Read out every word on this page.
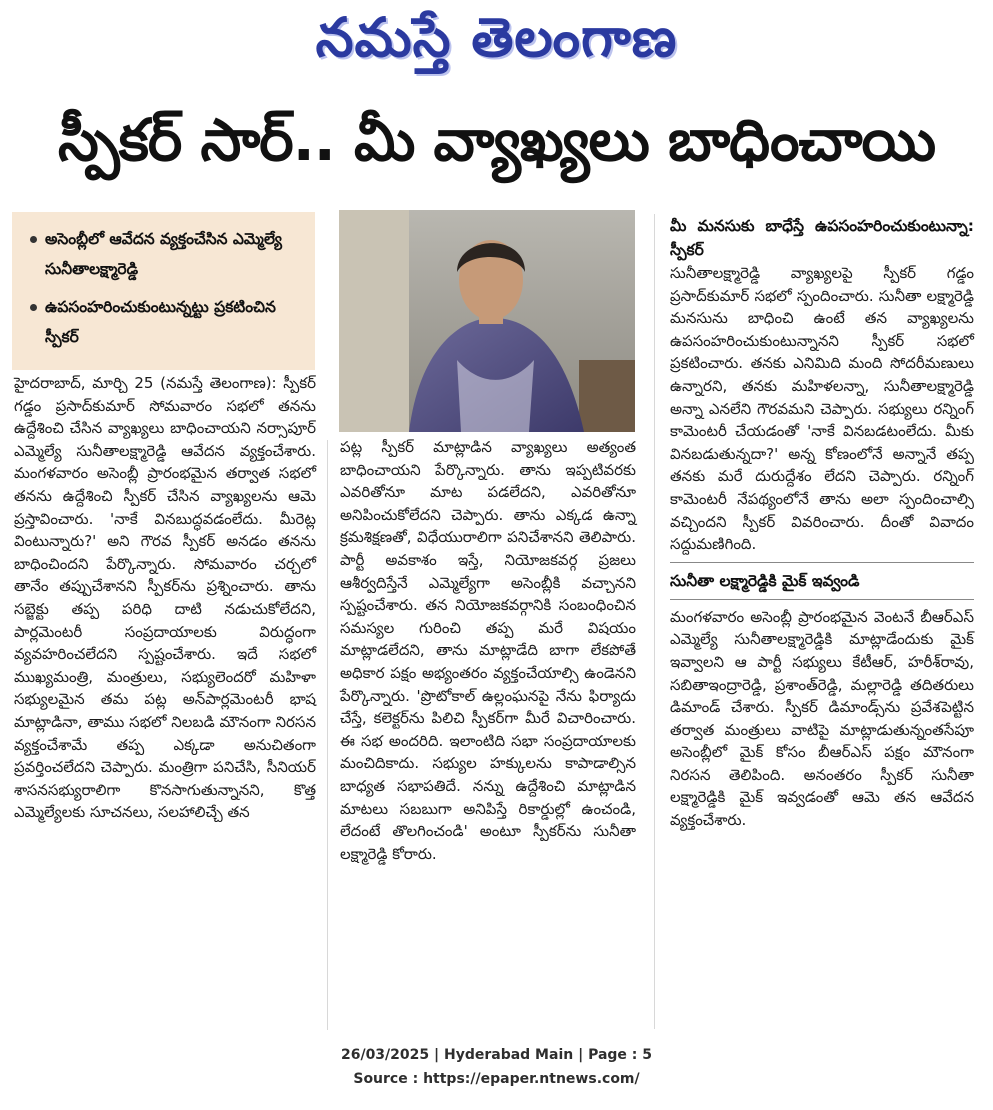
నమస్తే తెలంగాణ
స్పీకర్ సార్.. మీ వ్యాఖ్యలు బాధించాయి
అసెంబ్లీలో ఆవేదన వ్యక్తంచేసిన ఎమ్మెల్యే సునీతాలక్ష్మారెడ్డి
ఉపసంహరించుకుంటున్నట్టు ప్రకటించిన స్పీకర్

హైదరాబాద్, మార్చి 25 (నమస్తే తెలంగాణ): స్పీకర్ గడ్డం ప్రసాద్‌కుమార్ సోమవారం సభలో తనను ఉద్దేశించి చేసిన వ్యాఖ్యలు బాధించాయని నర్సాపూర్ ఎమ్మెల్యే సునీతాలక్ష్మారెడ్డి ఆవేదన వ్యక్తంచేశారు. మంగళవారం అసెంబ్లీ ప్రారంభమైన తర్వాత సభలో తనను ఉద్దేశించి స్పీకర్ చేసిన వ్యాఖ్యలను ఆమె ప్రస్తావించారు. 'నాకే వినబుద్ధవడంలేదు. మీరెట్ల వింటున్నారు?' అని గౌరవ స్పీకర్ అనడం తనను బాధించిందని పేర్కొన్నారు. సోమవారం చర్చలో తానేం తప్పుచేశానని స్పీకర్‌ను ప్రశ్నించారు. తాను సబ్జెక్టు తప్ప పరిధి దాటి నడుచుకోలేదని, పార్లమెంటరీ సంప్రదాయాలకు విరుద్ధంగా వ్యవహరించలేదని స్పష్టంచేశారు. ఇదే సభలో ముఖ్యమంత్రి, మంత్రులు, సభ్యులెందరో మహిళా సభ్యులమైన తమ పట్ల అన్‌పార్లమెంటరీ భాష మాట్లాడినా, తాము సభలో నిలబడి మౌనంగా నిరసన వ్యక్తంచేశామే తప్ప ఎక్కడా అనుచితంగా ప్రవర్తించలేదని చెప్పారు. మంత్రిగా పనిచేసి, సీనియర్ శాసనసభ్యురాలిగా కొనసాగుతున్నానని, కొత్త ఎమ్మెల్యేలకు సూచనలు, సలహాలిచ్చే తన

పట్ల స్పీకర్ మాట్లాడిన వ్యాఖ్యలు అత్యంత బాధించాయని పేర్కొన్నారు. తాను ఇప్పటివరకు ఎవరితోనూ మాట పడలేదని, ఎవరితోనూ అనిపించుకోలేదని చెప్పారు. తాను ఎక్కడ ఉన్నా క్రమశిక్షణతో, విధేయురాలిగా పనిచేశానని తెలిపారు. పార్టీ అవకాశం ఇస్తే, నియోజకవర్గ ప్రజలు ఆశీర్వదిస్తేనే ఎమ్మెల్యేగా అసెంబ్లీకి వచ్చానని స్పష్టంచేశారు. తన నియోజకవర్గానికి సంబంధించిన సమస్యల గురించి తప్ప మరే విషయం మాట్లాడలేదని, తాను మాట్లాడేది బాగా లేకపోతే అధికార పక్షం అభ్యంతరం వ్యక్తంచేయాల్సి ఉండెనని పేర్కొన్నారు. 'ప్రొటోకాల్ ఉల్లంఘనపై నేను ఫిర్యాదు చేస్తే, కలెక్టర్‌ను పిలిచి స్పీకర్‌గా మీరే విచారించారు. ఈ సభ అందరిది. ఇలాంటిది సభా సంప్రదాయాలకు మంచిదికాదు. సభ్యుల హక్కులను కాపాడాల్సిన బాధ్యత సభాపతిదే. నన్ను ఉద్దేశించి మాట్లాడిన మాటలు సబబుగా అనిపిస్తే రికార్డుల్లో ఉంచండి, లేదంటే తొలగించండి' అంటూ స్పీకర్‌ను సునీతా లక్ష్మారెడ్డి కోరారు.

మీ మనసుకు బాధేస్తే ఉపసంహరించుకుంటున్నా: స్పీకర్

సునీతాలక్ష్మారెడ్డి వ్యాఖ్యలపై స్పీకర్ గడ్డం ప్రసాద్‌కుమార్ సభలో స్పందించారు. సునీతా లక్ష్మారెడ్డి మనసును బాధించి ఉంటే తన వ్యాఖ్యలను ఉపసంహరించుకుంటున్నానని స్పీకర్ సభలో ప్రకటించారు. తనకు ఎనిమిది మంది సోదరీమణులు ఉన్నారని, తనకు మహిళలన్నా, సునీతాలక్ష్మారెడ్డి అన్నా ఎనలేని గౌరవమని చెప్పారు. సభ్యులు రన్నింగ్ కామెంటరీ చేయడంతో 'నాకే వినబడటంలేదు. మీకు వినబడుతున్నదా?' అన్న కోణంలోనే అన్నానే తప్ప తనకు మరే దురుద్దేశం లేదని చెప్పారు. రన్నింగ్ కామెంటరీ నేపథ్యంలోనే తాను అలా స్పందించాల్సి వచ్చిందని స్పీకర్ వివరించారు. దీంతో వివాదం సద్దుమణిగింది.

సునీతా లక్ష్మారెడ్డికి మైక్ ఇవ్వండి

మంగళవారం అసెంబ్లీ ప్రారంభమైన వెంటనే బీఆర్‌ఎస్ ఎమ్మెల్యే సునీతాలక్ష్మారెడ్డికి మాట్లాడేందుకు మైక్ ఇవ్వాలని ఆ పార్టీ సభ్యులు కేటీఆర్, హరీశ్‌రావు, సబితాఇంద్రారెడ్డి, ప్రశాంత్‌రెడ్డి, మల్లారెడ్డి తదితరులు డిమాండ్ చేశారు. స్పీకర్ డిమాండ్స్‌ను ప్రవేశపెట్టిన తర్వాత మంత్రులు వాటిపై మాట్లాడుతున్నంతసేపూ అసెంబ్లీలో మైక్ కోసం బీఆర్‌ఎస్ పక్షం మౌనంగా నిరసన తెలిపింది. అనంతరం స్పీకర్ సునీతా లక్ష్మారెడ్డికి మైక్ ఇవ్వడంతో ఆమె తన ఆవేదన వ్యక్తంచేశారు.

26/03/2025 | Hyderabad Main | Page : 5
Source : https://epaper.ntnews.com/
